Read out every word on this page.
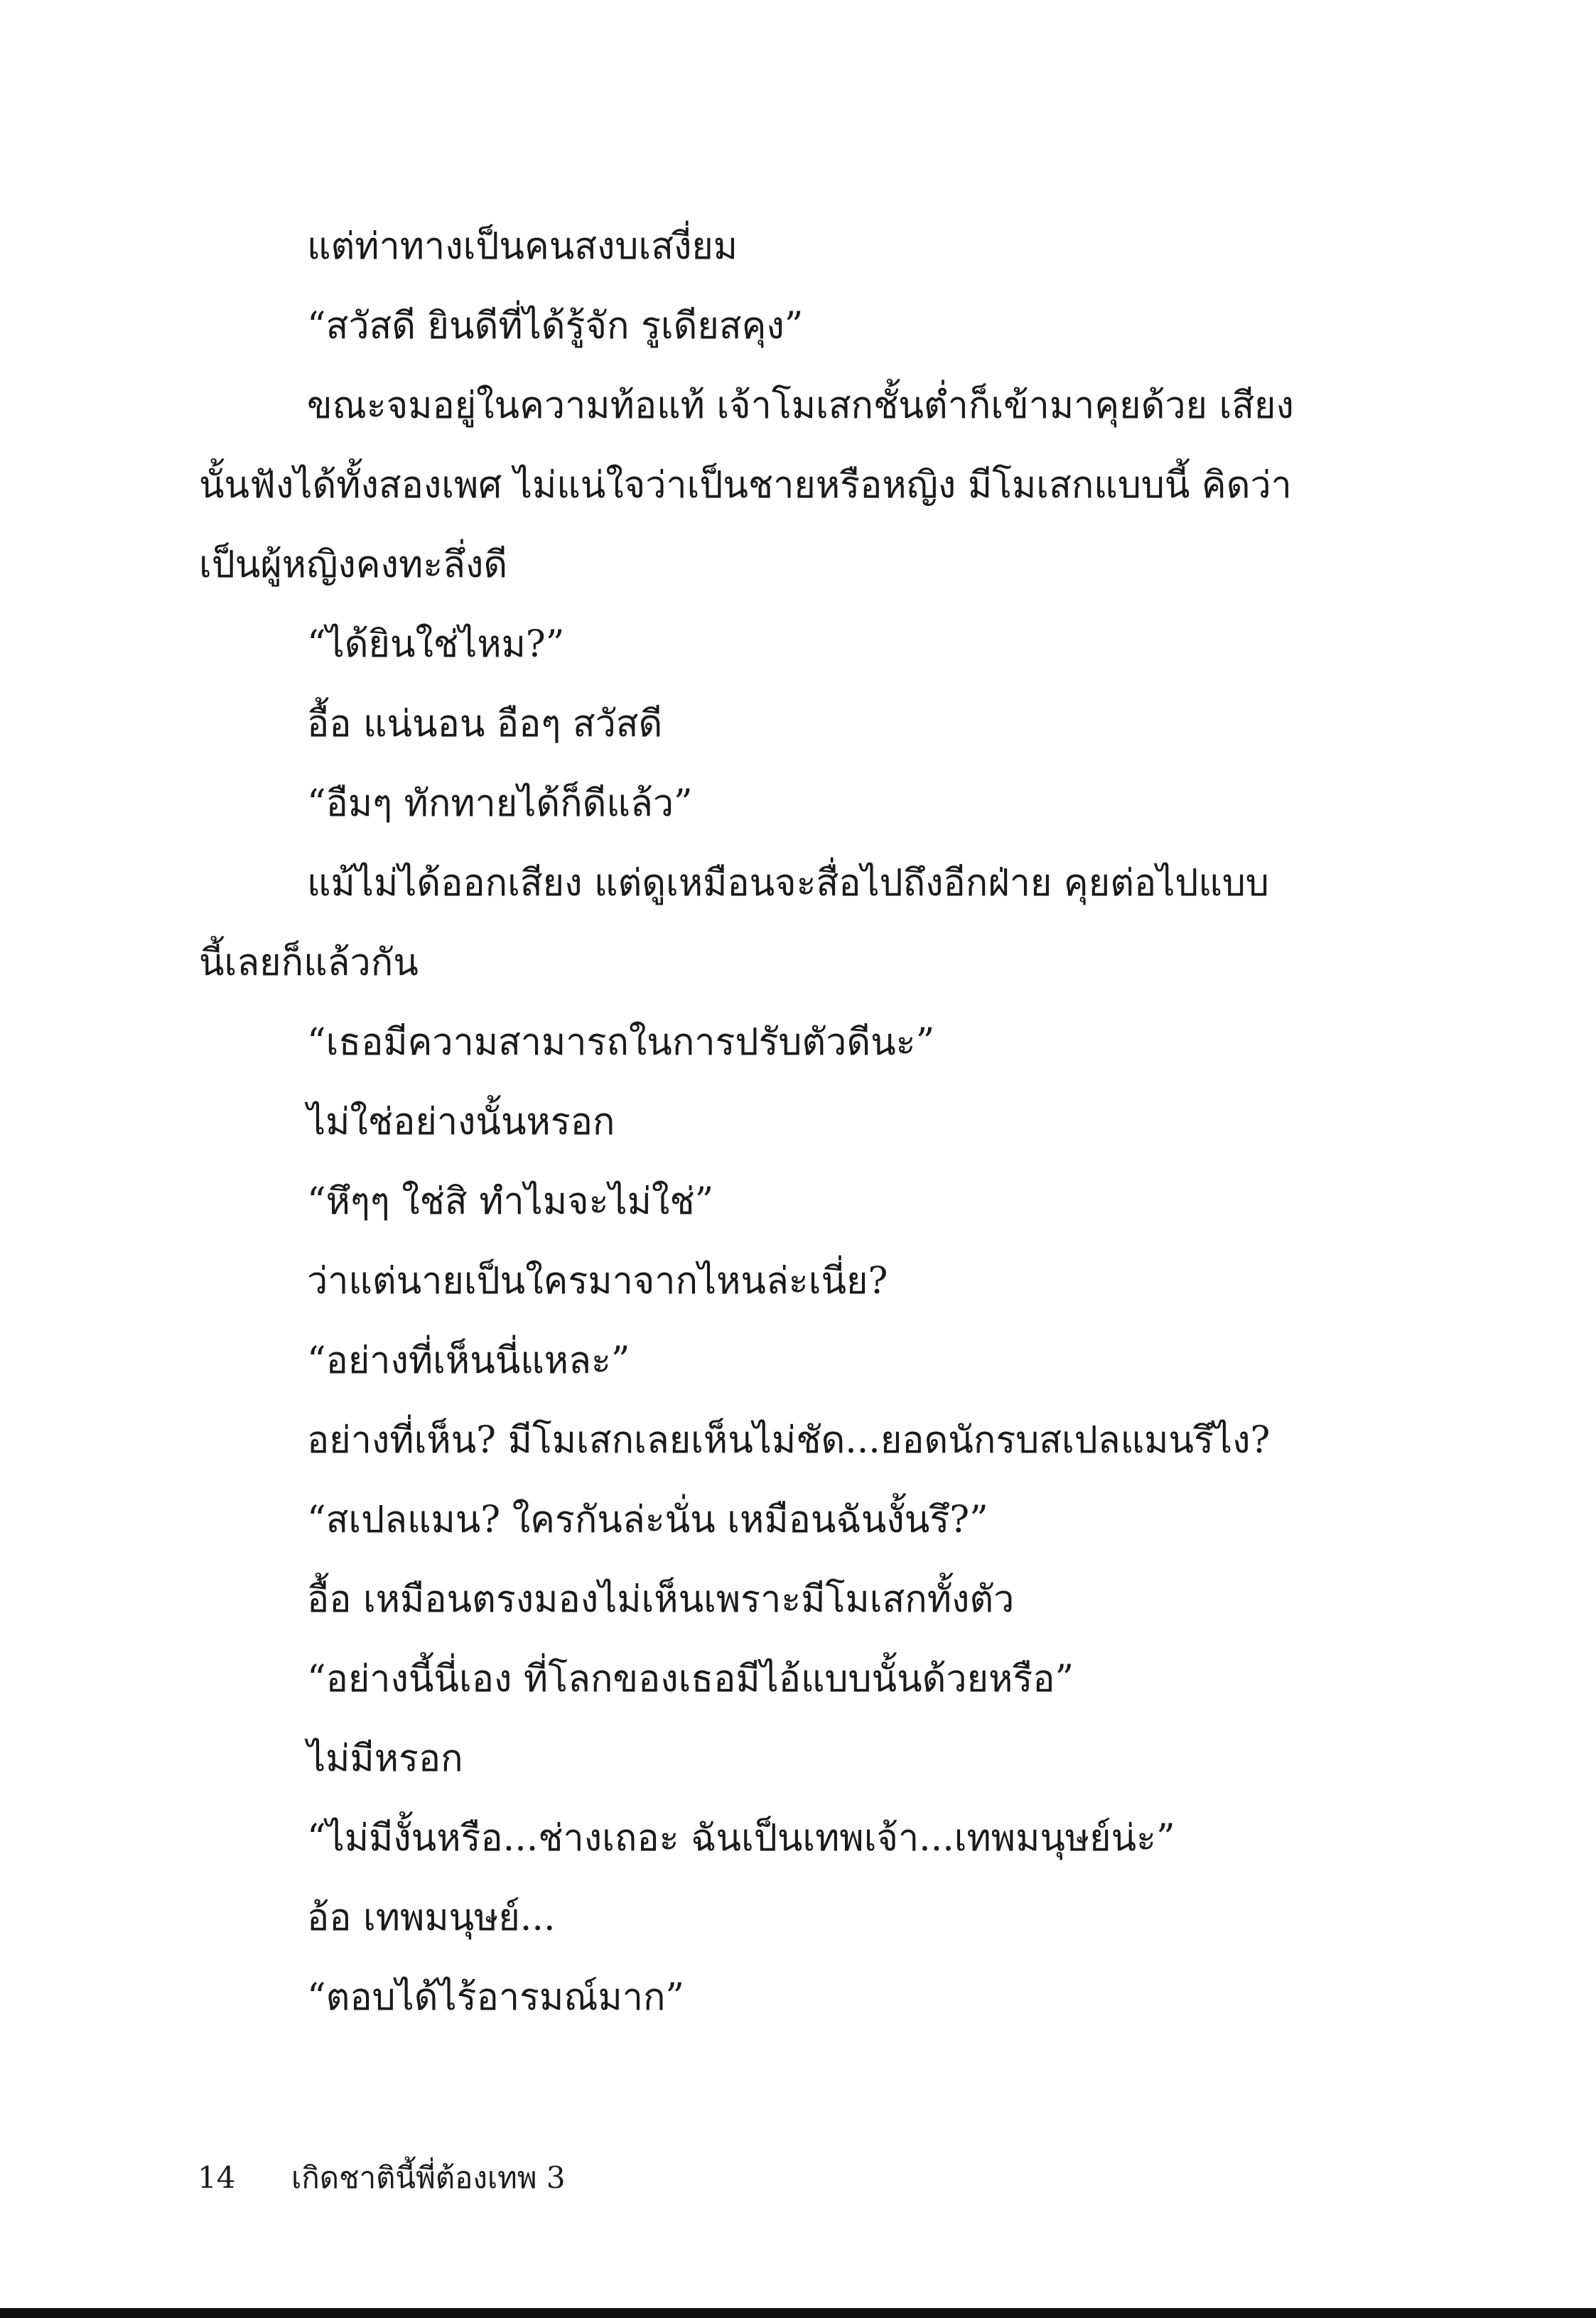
แต่ท่าทางเป็นคนสงบเสงี่ยม
“สวัสดี ยินดีที่ได้รู้จัก รูเดียสคุง”
ขณะจมอยู่ในความท้อแท้ เจ้าโมเสกชั้นต่ำก็เข้ามาคุยด้วย เสียง
นั้นฟังได้ทั้งสองเพศ ไม่แน่ใจว่าเป็นชายหรือหญิง มีโมเสกแบบนี้ คิดว่า
เป็นผู้หญิงคงทะลึ่งดี
“ได้ยินใช่ไหม?”
อื้อ แน่นอน อือๆ สวัสดี
“อืมๆ ทักทายได้ก็ดีแล้ว”
แม้ไม่ได้ออกเสียง แต่ดูเหมือนจะสื่อไปถึงอีกฝ่าย คุยต่อไปแบบ
นี้เลยก็แล้วกัน
“เธอมีความสามารถในการปรับตัวดีนะ”
ไม่ใช่อย่างนั้นหรอก
“หึๆๆ ใช่สิ ทำไมจะไม่ใช่”
ว่าแต่นายเป็นใครมาจากไหนล่ะเนี่ย?
“อย่างที่เห็นนี่แหละ”
อย่างที่เห็น? มีโมเสกเลยเห็นไม่ชัด...ยอดนักรบสเปลแมนรึไง?
“สเปลแมน? ใครกันล่ะนั่น เหมือนฉันงั้นรึ?”
อื้อ เหมือนตรงมองไม่เห็นเพราะมีโมเสกทั้งตัว
“อย่างนี้นี่เอง ที่โลกของเธอมีไอ้แบบนั้นด้วยหรือ”
ไม่มีหรอก
“ไม่มีงั้นหรือ...ช่างเถอะ ฉันเป็นเทพเจ้า...เทพมนุษย์น่ะ”
อ้อ เทพมนุษย์...
“ตอบได้ไร้อารมณ์มาก”
14 เกิดชาตินี้พี่ต้องเทพ 3
